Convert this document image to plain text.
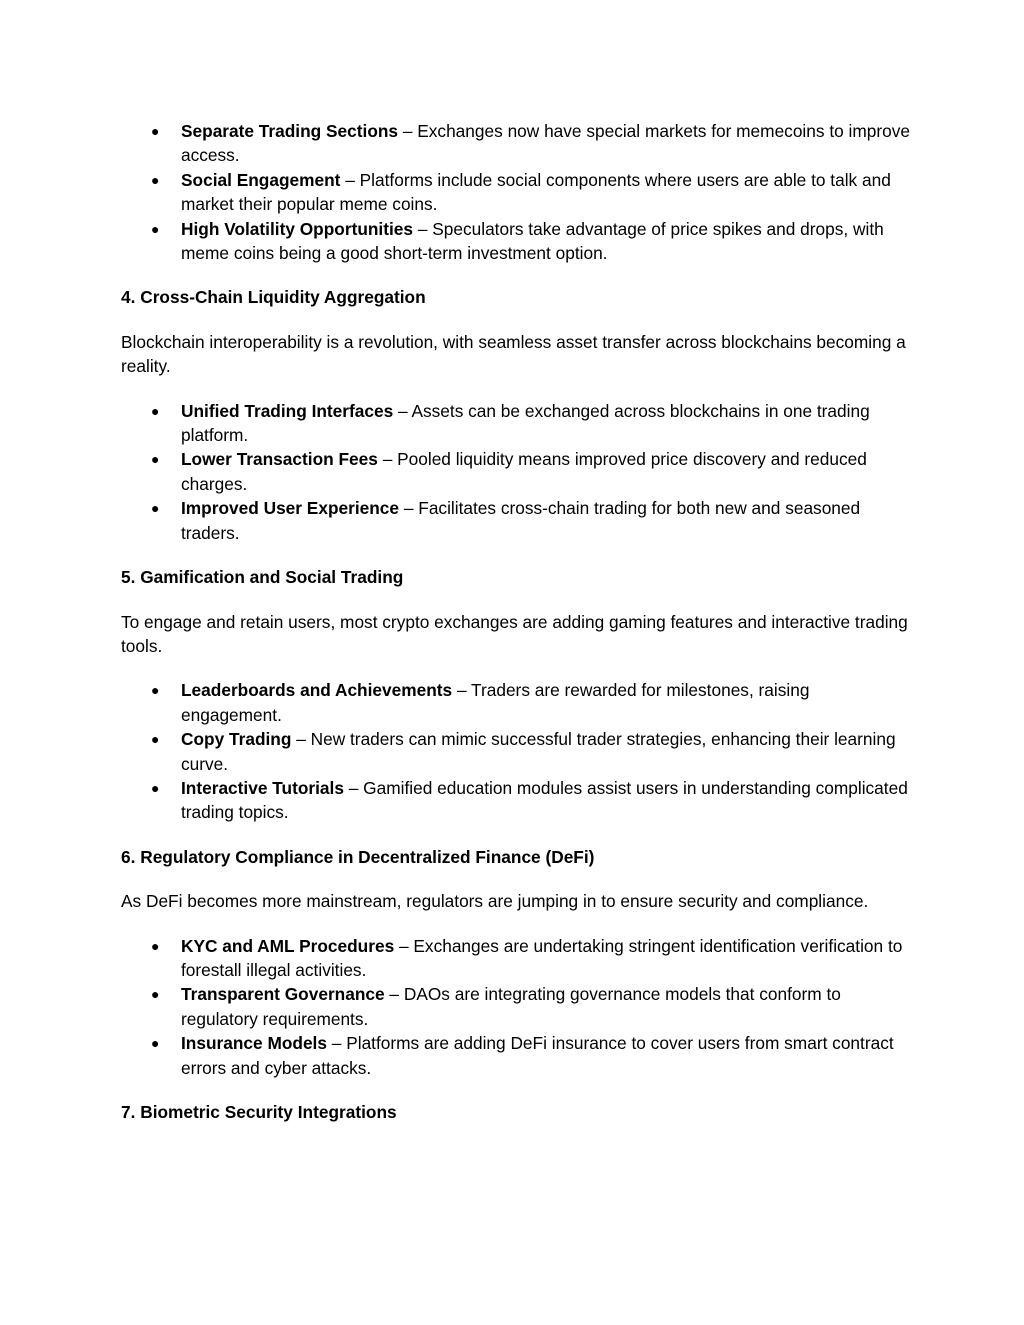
● Separate Trading Sections – Exchanges now have special markets for memecoins to improve access.
● Social Engagement – Platforms include social components where users are able to talk and market their popular meme coins.
● High Volatility Opportunities – Speculators take advantage of price spikes and drops, with meme coins being a good short-term investment option.
4. Cross-Chain Liquidity Aggregation

Blockchain interoperability is a revolution, with seamless asset transfer across blockchains becoming a reality.

● Unified Trading Interfaces – Assets can be exchanged across blockchains in one trading platform.
● Lower Transaction Fees – Pooled liquidity means improved price discovery and reduced charges.
● Improved User Experience – Facilitates cross-chain trading for both new and seasoned traders.
5. Gamification and Social Trading

To engage and retain users, most crypto exchanges are adding gaming features and interactive trading tools.

● Leaderboards and Achievements – Traders are rewarded for milestones, raising engagement.
● Copy Trading – New traders can mimic successful trader strategies, enhancing their learning curve.
● Interactive Tutorials – Gamified education modules assist users in understanding complicated trading topics.
6. Regulatory Compliance in Decentralized Finance (DeFi)

As DeFi becomes more mainstream, regulators are jumping in to ensure security and compliance.

● KYC and AML Procedures – Exchanges are undertaking stringent identification verification to forestall illegal activities.
● Transparent Governance – DAOs are integrating governance models that conform to regulatory requirements.
● Insurance Models – Platforms are adding DeFi insurance to cover users from smart contract errors and cyber attacks.
7. Biometric Security Integrations
